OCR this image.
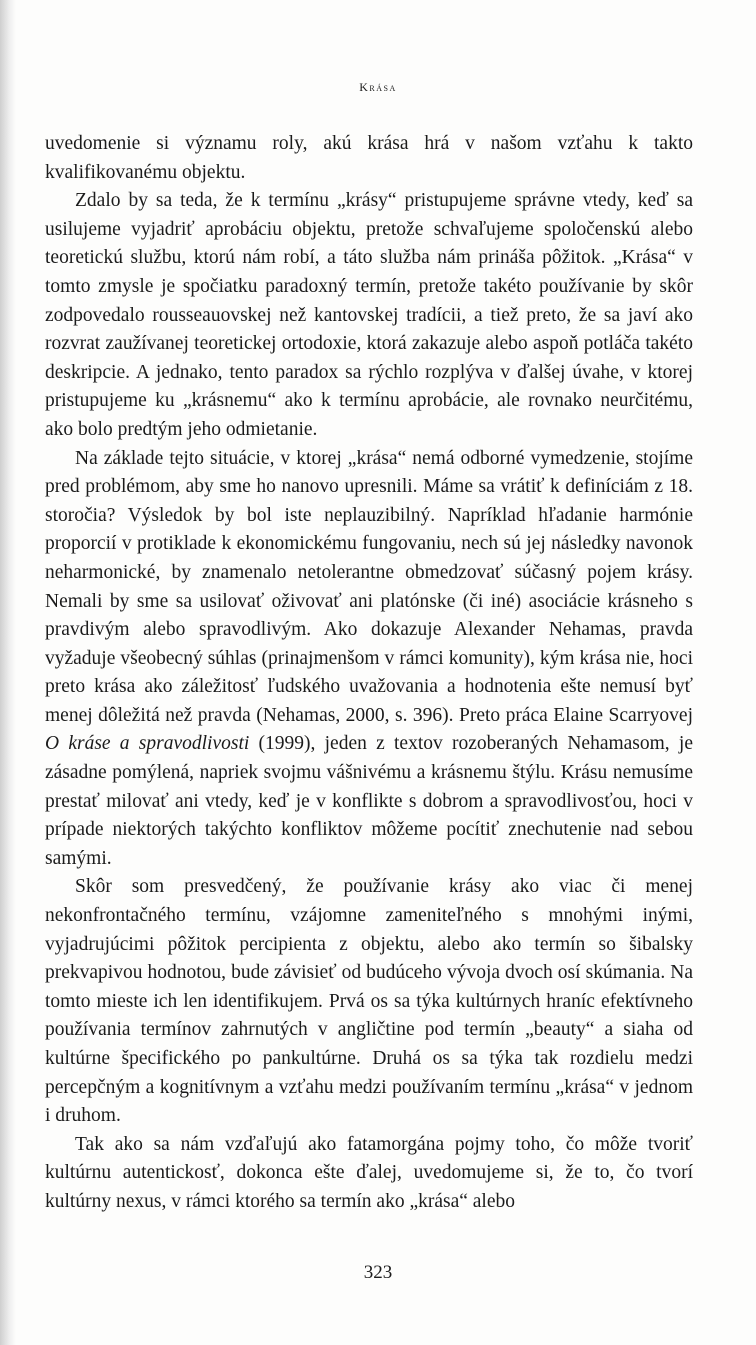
Krása

uvedomenie si významu roly, akú krása hrá v našom vzťahu k takto kvalifikovanému objektu.

Zdalo by sa teda, že k termínu „krásy“ pristupujeme správne vtedy, keď sa usilujeme vyjadriť aprobáciu objektu, pretože schvaľujeme spoločenskú alebo teoretickú službu, ktorú nám robí, a táto služba nám prináša pôžitok. „Krása“ v tomto zmysle je spočiatku paradoxný termín, pretože takéto používanie by skôr zodpovedalo rousseauovskej než kantovskej tradícii, a tiež preto, že sa javí ako rozvrat zaužívanej teoretickej ortodoxie, ktorá zakazuje alebo aspoň potláča takéto deskripcie. A jednako, tento paradox sa rýchlo rozplýva v ďalšej úvahe, v ktorej pristupujeme ku „krásnemu“ ako k termínu aprobácie, ale rovnako neurčitému, ako bolo predtým jeho odmietanie.

Na základe tejto situácie, v ktorej „krása“ nemá odborné vymedzenie, stojíme pred problémom, aby sme ho nanovo upresnili. Máme sa vrátiť k definíciám z 18. storočia? Výsledok by bol iste neplauzibilný. Napríklad hľadanie harmónie proporcií v protiklade k ekonomickému fungovaniu, nech sú jej následky navonok neharmonické, by znamenalo netolerantne obmedzovať súčasný pojem krásy. Nemali by sme sa usilovať oživovať ani platónske (či iné) asociácie krásneho s pravdivým alebo spravodlivým. Ako dokazuje Alexander Nehamas, pravda vyžaduje všeobecný súhlas (prinajmenšom v rámci komunity), kým krása nie, hoci preto krása ako záležitosť ľudského uvažovania a hodnotenia ešte nemusí byť menej dôležitá než pravda (Nehamas, 2000, s. 396). Preto práca Elaine Scarryovej O kráse a spravodlivosti (1999), jeden z textov rozoberaných Nehamasom, je zásadne pomýlená, napriek svojmu vášnivému a krásnemu štýlu. Krásu nemusíme prestať milovať ani vtedy, keď je v konflikte s dobrom a spravodlivosťou, hoci v prípade niektorých takýchto konfliktov môžeme pocítiť znechutenie nad sebou samými.

Skôr som presvedčený, že používanie krásy ako viac či menej nekonfrontačného termínu, vzájomne zameniteľného s mnohými inými, vyjadrujúcimi pôžitok percipienta z objektu, alebo ako termín so šibalsky prekvapivou hodnotou, bude závisieť od budúceho vývoja dvoch osí skúmania. Na tomto mieste ich len identifikujem. Prvá os sa týka kultúrnych hraníc efektívneho používania termínov zahrnutých v angličtine pod termín „beauty“ a siaha od kultúrne špecifického po pankultúrne. Druhá os sa týka tak rozdielu medzi percepčným a kognitívnym a vzťahu medzi používaním termínu „krása“ v jednom i druhom.

Tak ako sa nám vzďaľujú ako fatamorgána pojmy toho, čo môže tvoriť kultúrnu autentickosť, dokonca ešte ďalej, uvedomujeme si, že to, čo tvorí kultúrny nexus, v rámci ktorého sa termín ako „krása“ alebo

323
